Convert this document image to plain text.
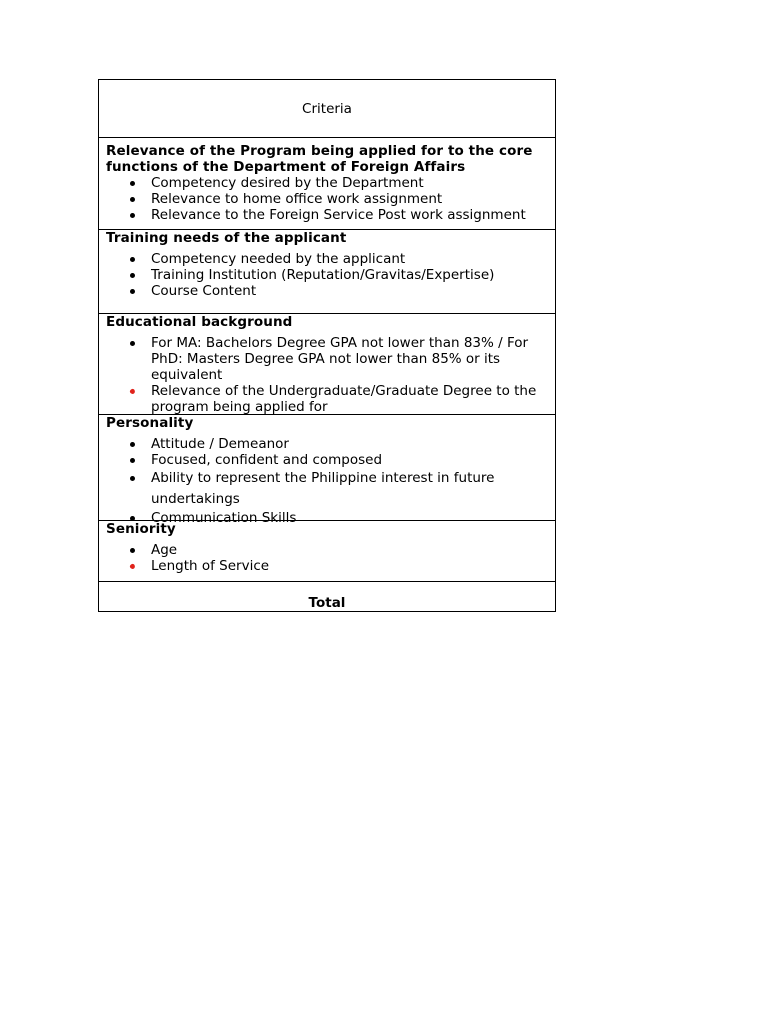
Criteria
Relevance of the Program being applied for to the core functions of the Department of Foreign Affairs
Competency desired by the Department
Relevance to home office work assignment
Relevance to the Foreign Service Post work assignment
Training needs of the applicant
Competency needed by the applicant
Training Institution (Reputation/Gravitas/Expertise)
Course Content
Educational background
For MA: Bachelors Degree GPA not lower than 83% / For PhD: Masters Degree GPA not lower than 85% or its equivalent
Relevance of the Undergraduate/Graduate Degree to the program being applied for
Personality
Attitude / Demeanor
Focused, confident and composed
Ability to represent the Philippine interest in future undertakings
Communication Skills
Seniority
Age
Length of Service
Total
